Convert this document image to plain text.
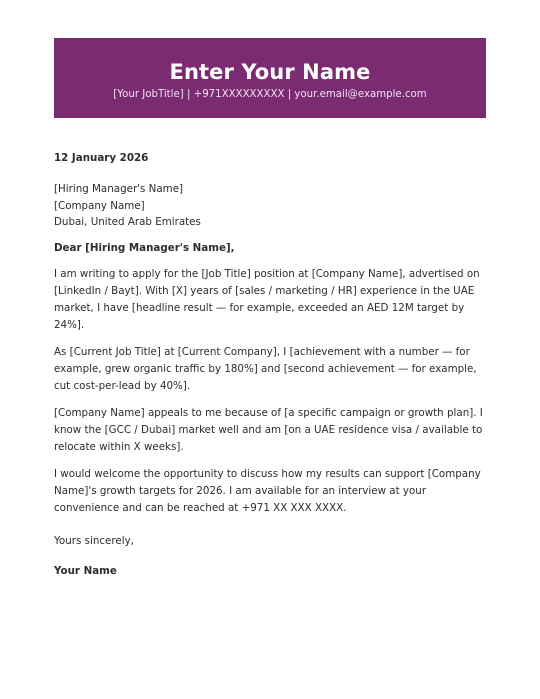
Enter Your Name
[Your JobTitle] | +971XXXXXXXXX | your.email@example.com
12 January 2026
[Hiring Manager's Name]
[Company Name]
Dubai, United Arab Emirates
Dear [Hiring Manager's Name],

I am writing to apply for the [Job Title] position at [Company Name], advertised on [LinkedIn / Bayt]. With [X] years of [sales / marketing / HR] experience in the UAE market, I have [headline result — for example, exceeded an AED 12M target by 24%].

As [Current Job Title] at [Current Company], I [achievement with a number — for example, grew organic traffic by 180%] and [second achievement — for example, cut cost-per-lead by 40%].

[Company Name] appeals to me because of [a specific campaign or growth plan]. I know the [GCC / Dubai] market well and am [on a UAE residence visa / available to relocate within X weeks].

I would welcome the opportunity to discuss how my results can support [Company Name]'s growth targets for 2026. I am available for an interview at your convenience and can be reached at +971 XX XXX XXXX.

Yours sincerely,
Your Name
